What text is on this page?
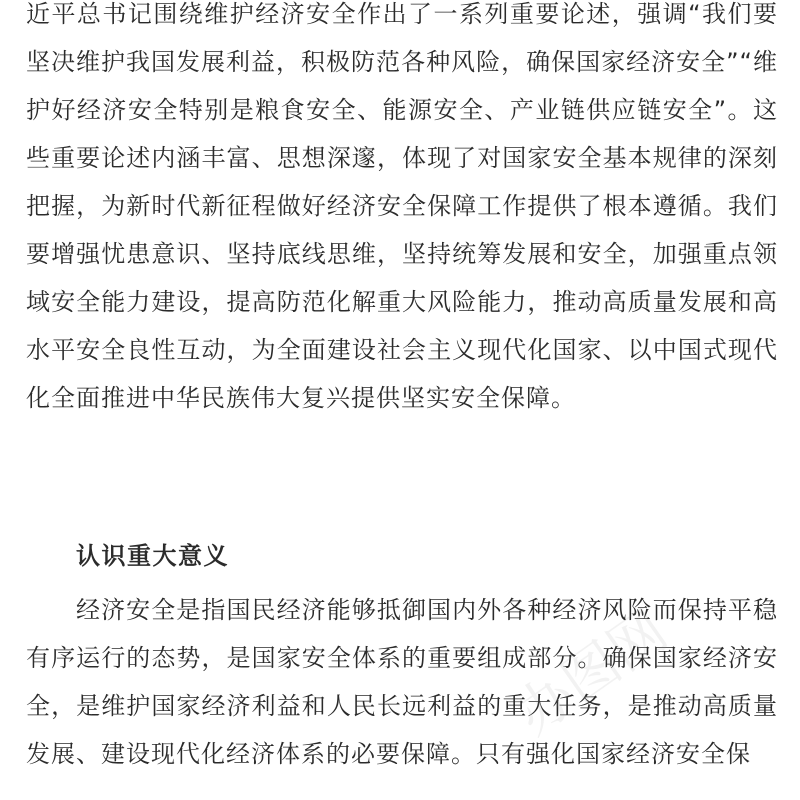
近平总书记围绕维护经济安全作出了一系列重要论述，强调“我们要坚决维护我国发展利益，积极防范各种风险，确保国家经济安全”“维护好经济安全特别是粮食安全、能源安全、产业链供应链安全”。这些重要论述内涵丰富、思想深邃，体现了对国家安全基本规律的深刻把握，为新时代新征程做好经济安全保障工作提供了根本遵循。我们要增强忧患意识、坚持底线思维，坚持统筹发展和安全，加强重点领域安全能力建设，提高防范化解重大风险能力，推动高质量发展和高水平安全良性互动，为全面建设社会主义现代化国家、以中国式现代化全面推进中华民族伟大复兴提供坚实安全保障。

认识重大意义

经济安全是指国民经济能够抵御国内外各种经济风险而保持平稳有序运行的态势，是国家安全体系的重要组成部分。确保国家经济安全，是维护国家经济利益和人民长远利益的重大任务，是推动高质量发展、建设现代化经济体系的必要保障。只有强化国家经济安全保

办图网
